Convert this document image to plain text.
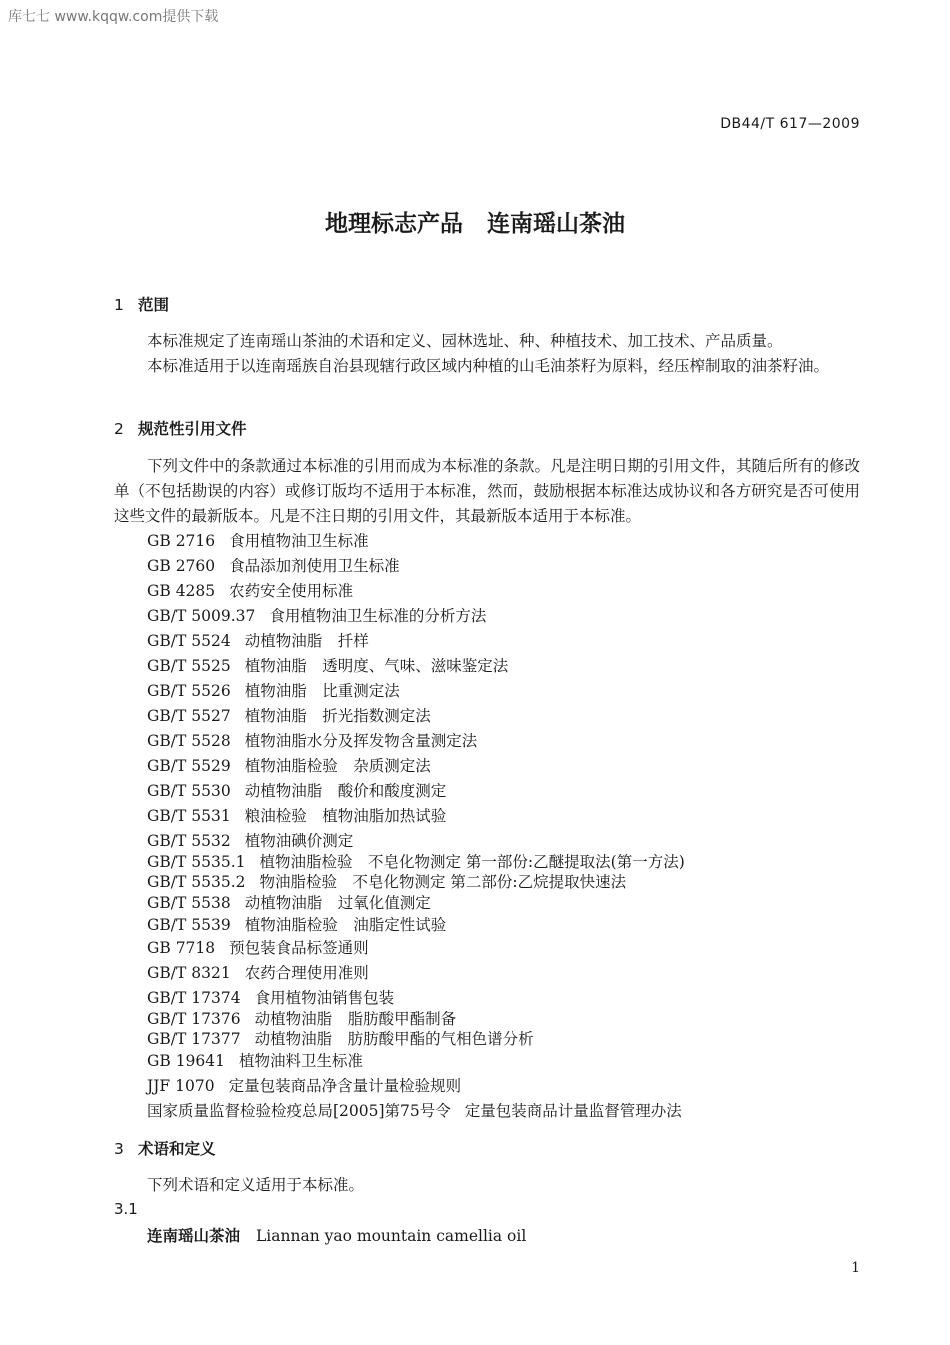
库七七 www.kqqw.com提供下载
DB44/T 617—2009
地理标志产品 连南瑶山茶油
1 范围
本标准规定了连南瑶山茶油的术语和定义、园林选址、种、种植技术、加工技术、产品质量。
本标准适用于以连南瑶族自治县现辖行政区域内种植的山毛油茶籽为原料，经压榨制取的油茶籽油。
2 规范性引用文件
下列文件中的条款通过本标准的引用而成为本标准的条款。凡是注明日期的引用文件，其随后所有的修改单（不包括勘误的内容）或修订版均不适用于本标准，然而，鼓励根据本标准达成协议和各方研究是否可使用这些文件的最新版本。凡是不注日期的引用文件，其最新版本适用于本标准。
GB 2716 食用植物油卫生标准
GB 2760 食品添加剂使用卫生标准
GB 4285 农药安全使用标准
GB/T 5009.37 食用植物油卫生标准的分析方法
GB/T 5524 动植物油脂　扦样
GB/T 5525 植物油脂　透明度、气味、滋味鉴定法
GB/T 5526 植物油脂　比重测定法
GB/T 5527 植物油脂　折光指数测定法
GB/T 5528 植物油脂水分及挥发物含量测定法
GB/T 5529 植物油脂检验　杂质测定法
GB/T 5530 动植物油脂　酸价和酸度测定
GB/T 5531 粮油检验　植物油脂加热试验
GB/T 5532 植物油碘价测定
GB/T 5535.1 植物油脂检验　不皂化物测定 第一部份:乙醚提取法(第一方法)
GB/T 5535.2 物油脂检验　不皂化物测定 第二部份:乙烷提取快速法
GB/T 5538 动植物油脂　过氧化值测定
GB/T 5539 植物油脂检验　油脂定性试验
GB 7718 预包装食品标签通则
GB/T 8321 农药合理使用准则
GB/T 17374 食用植物油销售包装
GB/T 17376 动植物油脂　脂肪酸甲酯制备
GB/T 17377 动植物油脂　肪肪酸甲酯的气相色谱分析
GB 19641 植物油料卫生标准
JJF 1070 定量包装商品净含量计量检验规则
国家质量监督检验检疫总局[2005]第75号令 定量包装商品计量监督管理办法
3 术语和定义
下列术语和定义适用于本标准。
3.1
连南瑶山茶油 Liannan yao mountain camellia oil
1
